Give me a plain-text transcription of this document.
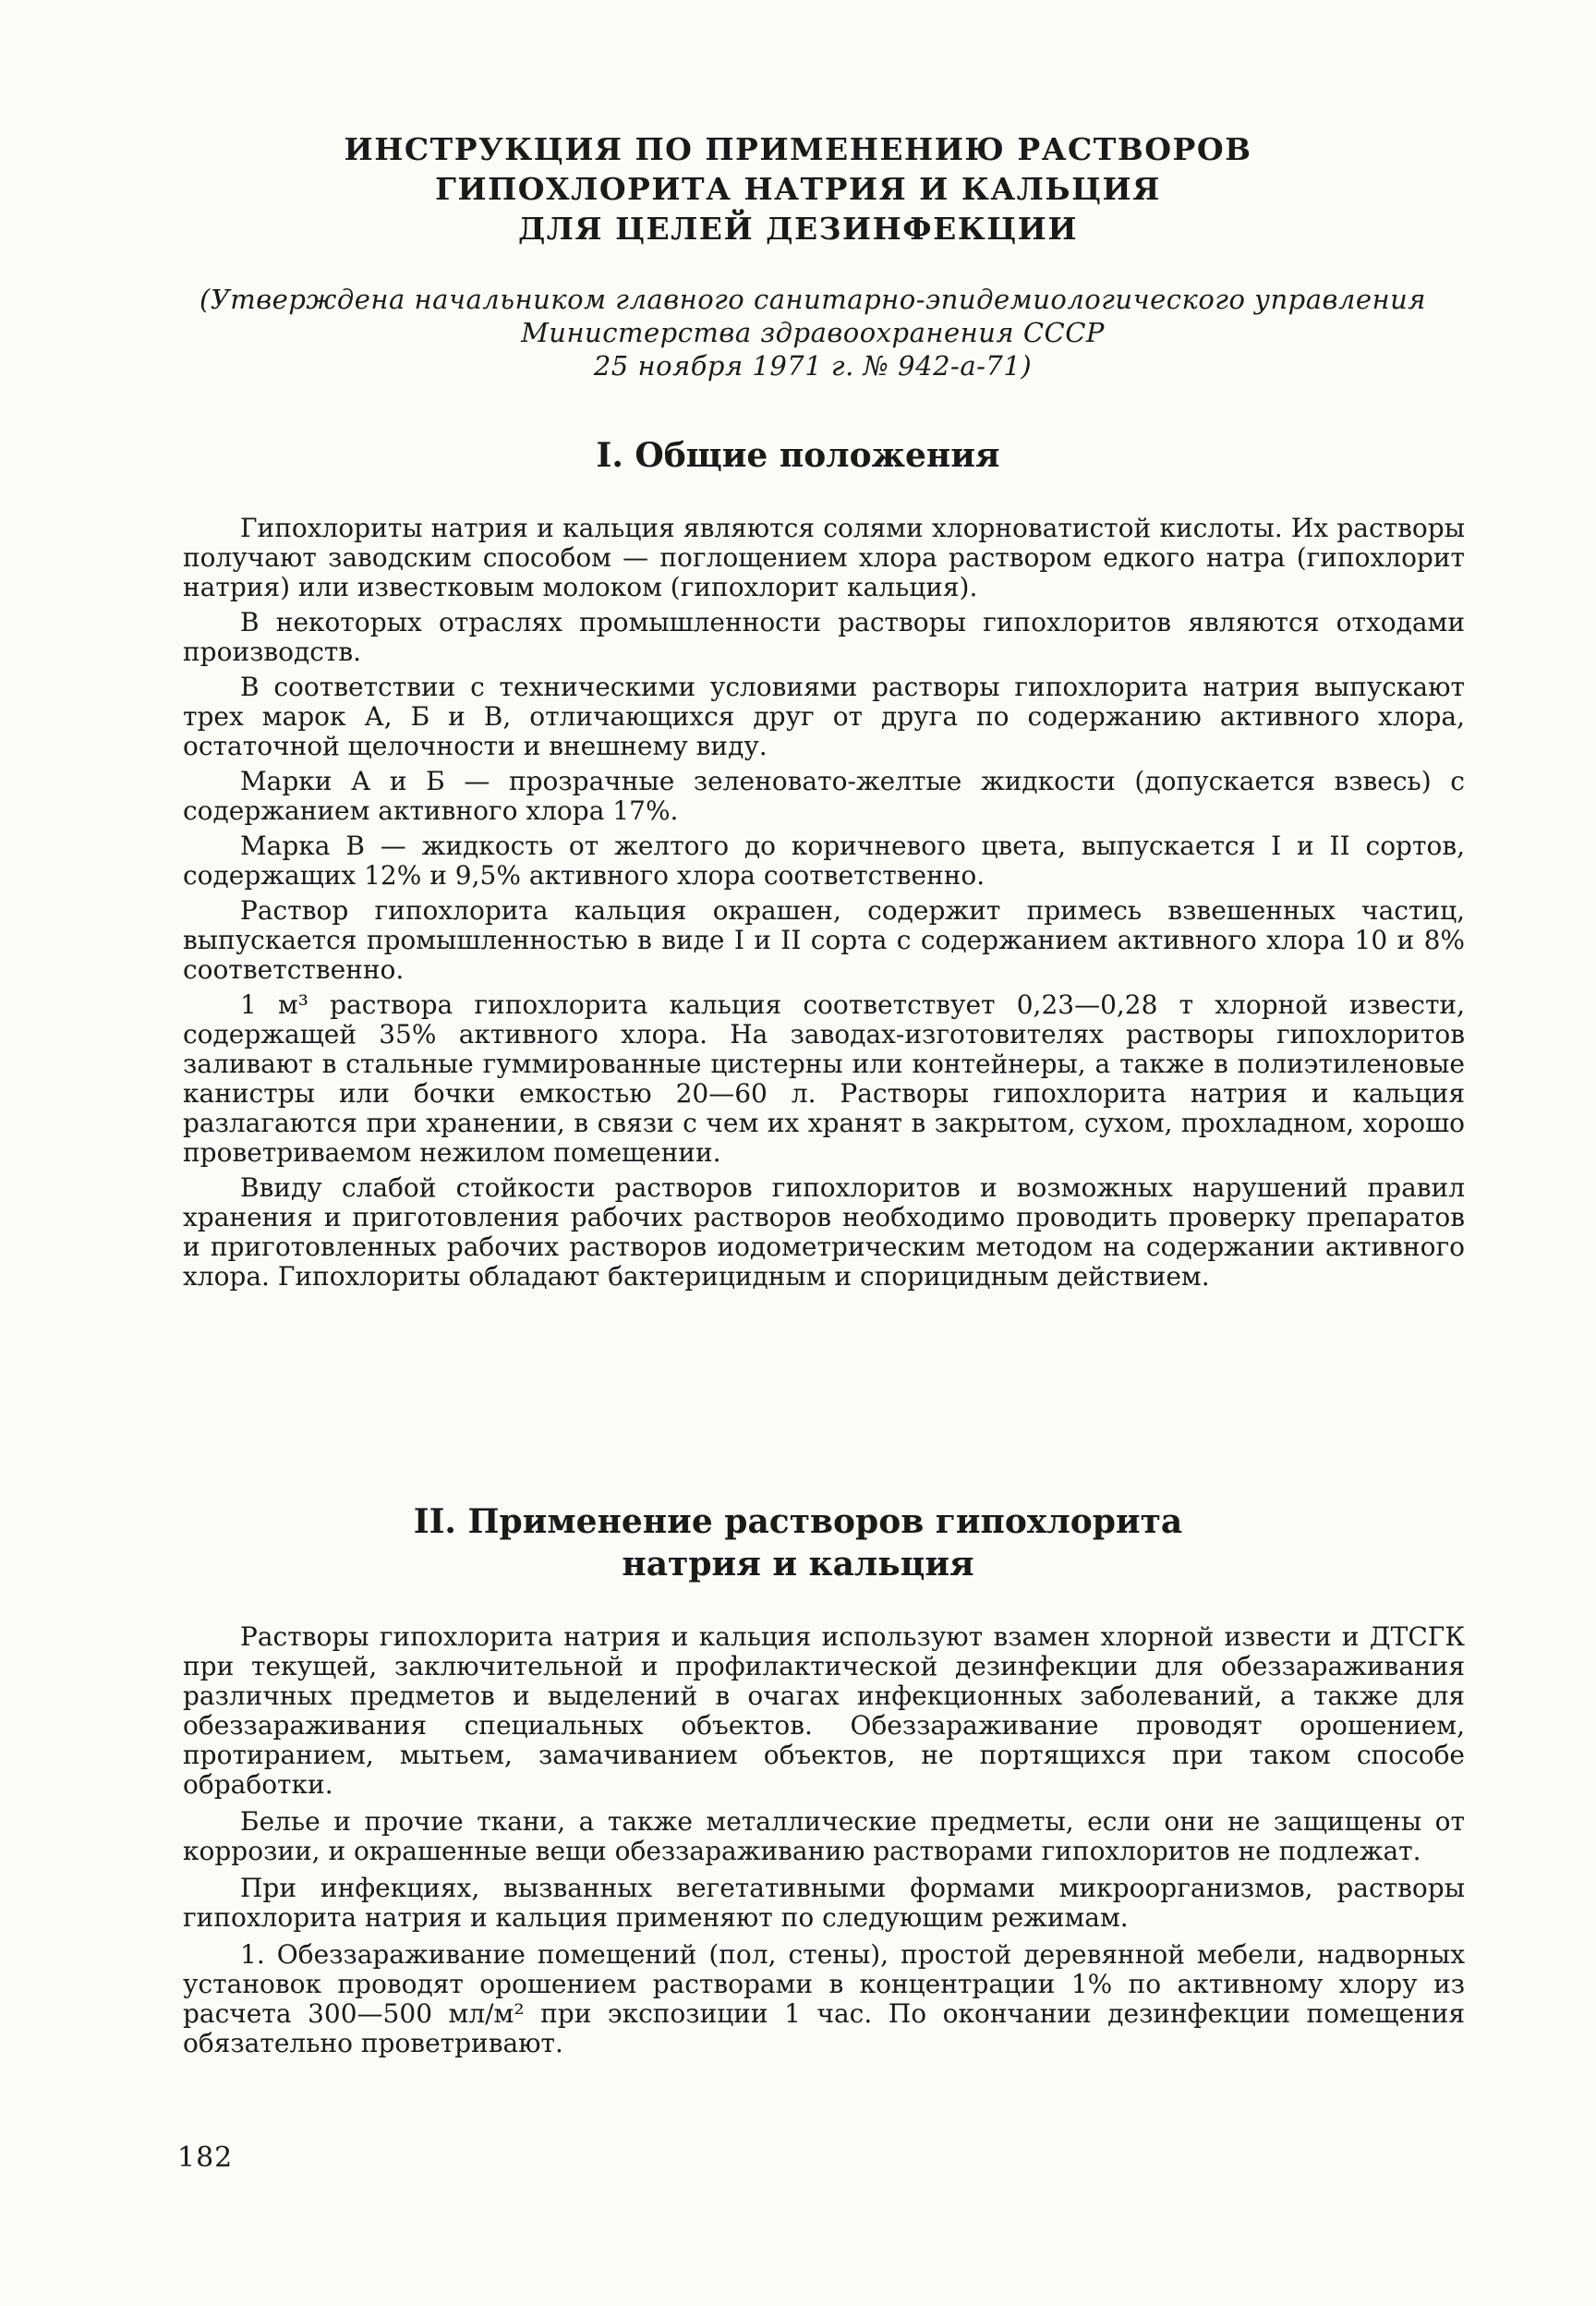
ИНСТРУКЦИЯ ПО ПРИМЕНЕНИЮ РАСТВОРОВ
ГИПОХЛОРИТА НАТРИЯ И КАЛЬЦИЯ
ДЛЯ ЦЕЛЕЙ ДЕЗИНФЕКЦИИ
(Утверждена начальником главного санитарно-эпидемиологического управления
Министерства здравоохранения СССР
25 ноября 1971 г. № 942-а-71)
I. Общие положения

Гипохлориты натрия и кальция являются солями хлорноватистой кислоты. Их растворы получают заводским способом — поглощением хлора раствором едкого натра (гипохлорит натрия) или известковым молоком (гипохлорит кальция).

В некоторых отраслях промышленности растворы гипохлоритов являются отходами производств.

В соответствии с техническими условиями растворы гипохлорита натрия выпускают трех марок А, Б и В, отличающихся друг от друга по содержанию активного хлора, остаточной щелочности и внешнему виду.

Марки А и Б — прозрачные зеленовато-желтые жидкости (допускается взвесь) с содержанием активного хлора 17%.

Марка В — жидкость от желтого до коричневого цвета, выпускается I и II сортов, содержащих 12% и 9,5% активного хлора соответственно.

Раствор гипохлорита кальция окрашен, содержит примесь взвешенных частиц, выпускается промышленностью в виде I и II сорта с содержанием активного хлора 10 и 8% соответственно.

1 м³ раствора гипохлорита кальция соответствует 0,23—0,28 т хлорной извести, содержащей 35% активного хлора. На заводах-изготовителях растворы гипохлоритов заливают в стальные гуммированные цистерны или контейнеры, а также в полиэтиленовые канистры или бочки емкостью 20—60 л. Растворы гипохлорита натрия и кальция разлагаются при хранении, в связи с чем их хранят в закрытом, сухом, прохладном, хорошо проветриваемом нежилом помещении.

Ввиду слабой стойкости растворов гипохлоритов и возможных нарушений правил хранения и приготовления рабочих растворов необходимо проводить проверку препаратов и приготовленных рабочих растворов иодометрическим методом на содержании активного хлора. Гипохлориты обладают бактерицидным и спорицидным действием.

II. Применение растворов гипохлорита
натрия и кальция

Растворы гипохлорита натрия и кальция используют взамен хлорной извести и ДТСГК при текущей, заключительной и профилактической дезинфекции для обеззараживания различных предметов и выделений в очагах инфекционных заболеваний, а также для обеззараживания специальных объектов. Обеззараживание проводят орошением, протиранием, мытьем, замачиванием объектов, не портящихся при таком способе обработки.

Белье и прочие ткани, а также металлические предметы, если они не защищены от коррозии, и окрашенные вещи обеззараживанию растворами гипохлоритов не подлежат.

При инфекциях, вызванных вегетативными формами микроорганизмов, растворы гипохлорита натрия и кальция применяют по следующим режимам.

1. Обеззараживание помещений (пол, стены), простой деревянной мебели, надворных установок проводят орошением растворами в концентрации 1% по активному хлору из расчета 300—500 мл/м² при экспозиции 1 час. По окончании дезинфекции помещения обязательно проветривают.

182
